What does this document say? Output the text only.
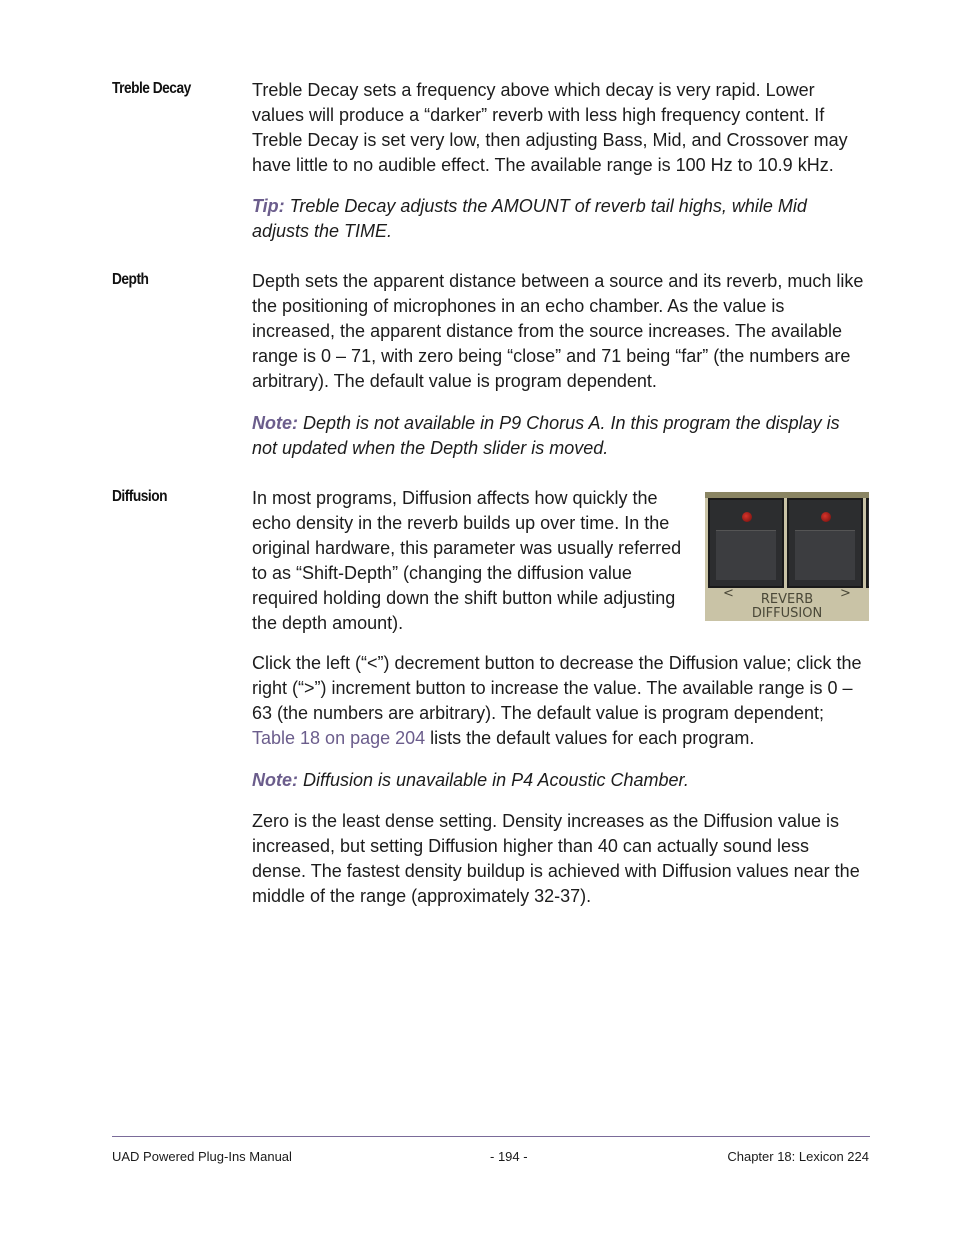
Treble Decay	Treble Decay sets a frequency above which decay is very rapid. Lower values will produce a “darker” reverb with less high frequency content. If Treble Decay is set very low, then adjusting Bass, Mid, and Crossover may have little to no audible effect. The available range is 100 Hz to 10.9 kHz.

Tip: Treble Decay adjusts the AMOUNT of reverb tail highs, while Mid adjusts the TIME.

Depth	Depth sets the apparent distance between a source and its reverb, much like the positioning of microphones in an echo chamber. As the value is increased, the apparent distance from the source increases. The available range is 0 – 71, with zero being “close” and 71 being “far” (the numbers are arbitrary). The default value is program dependent.

Note: Depth is not available in P9 Chorus A. In this program the display is not updated when the Depth slider is moved.

Diffusion	In most programs, Diffusion affects how quickly the echo density in the reverb builds up over time. In the original hardware, this parameter was usually referred to as “Shift-Depth” (changing the diffusion value required holding down the shift button while adjusting the depth amount).

<	>
REVERB
DIFFUSION

Click the left (“<”) decrement button to decrease the Diffusion value; click the right (“>”) increment button to increase the value. The available range is 0 – 63 (the numbers are arbitrary). The default value is program dependent; Table 18 on page 204 lists the default values for each program.

Note: Diffusion is unavailable in P4 Acoustic Chamber.

Zero is the least dense setting. Density increases as the Diffusion value is increased, but setting Diffusion higher than 40 can actually sound less dense. The fastest density buildup is achieved with Diffusion values near the middle of the range (approximately 32-37).

UAD Powered Plug-Ins Manual	- 194 -	Chapter 18: Lexicon 224
